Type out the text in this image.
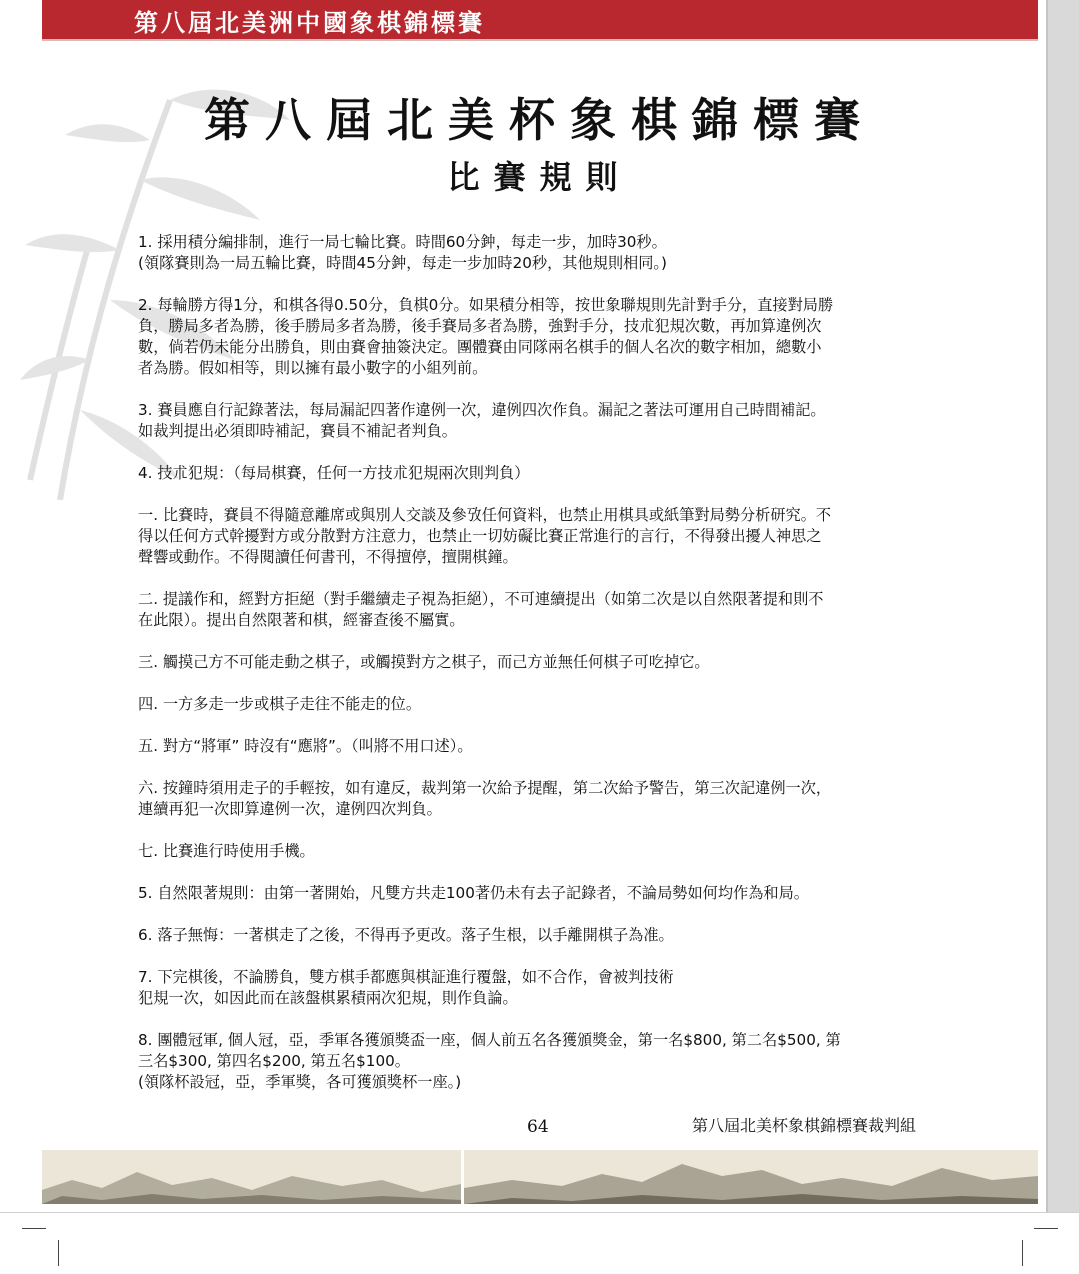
第八屆北美洲中國象棋錦標賽
第八屆北美杯象棋錦標賽
比賽規則

1. 採用積分編排制，進行一局七輪比賽。時間60分鈡，每走一步，加時30秒。
(領隊賽則為一局五輪比賽，時間45分鈡，每走一步加時20秒，其他規則相同。)

2. 每輪勝方得1分，和棋各得0.50分，負棋0分。如果積分相等，按世象聯規則先計對手分，直接對局勝
負，勝局多者為勝，後手勝局多者為勝，後手賽局多者為勝，強對手分，技朮犯規次數，再加算違例次
數，倘若仍未能分出勝負，則由賽會抽簽決定。團體賽由同隊兩名棋手的個人名次的數字相加，總數小
者為勝。假如相等，則以擁有最小數字的小組列前。

3. 賽員應自行記錄著法，每局漏記四著作違例一次，違例四次作負。漏記之著法可運用自己時間補記。
如裁判提出必須即時補記，賽員不補記者判負。

4. 技朮犯規：（每局棋賽，任何一方技朮犯規兩次則判負）

一. 比賽時，賽員不得隨意離席或與別人交談及參攷任何資料，也禁止用棋具或紙筆對局勢分析研究。不
得以任何方式幹擾對方或分散對方注意力，也禁止一切妨礙比賽正常進行的言行，不得發出擾人神思之
聲響或動作。不得閱讀任何書刊，不得擅停，擅開棋鐘。

二. 提議作和，經對方拒絕（對手繼續走子視為拒絕），不可連續提出（如第二次是以自然限著提和則不
在此限）。提出自然限著和棋，經審查後不屬實。

三. 觸摸己方不可能走動之棋子，或觸摸對方之棋子，而己方並無任何棋子可吃掉它。

四. 一方多走一步或棋子走往不能走的位。

五. 對方“將軍” 時沒有“應將”。（叫將不用口述）。

六. 按鐘時須用走子的手輕按，如有違反，裁判第一次給予提醒，第二次給予警告，第三次記違例一次，
連續再犯一次即算違例一次，違例四次判負。

七. 比賽進行時使用手機。

5. 自然限著規則：由第一著開始，凡雙方共走100著仍未有去子記錄者，不論局勢如何均作為和局。

6. 落子無悔：一著棋走了之後，不得再予更改。落子生根，以手離開棋子為准。

7. 下完棋後，不論勝負，雙方棋手都應與棋証進行覆盤，如不合作，會被判技術
犯規一次，如因此而在該盤棋累積兩次犯規，則作負論。

8. 團體冠軍, 個人冠，亞，季軍各獲頒獎盃一座，個人前五名各獲頒獎金，第一名$800, 第二名$500, 第
三名$300, 第四名$200, 第五名$100。
(領隊杯設冠，亞，季軍獎，各可獲頒獎杯一座。)

64	第八屆北美杯象棋錦標賽裁判組
